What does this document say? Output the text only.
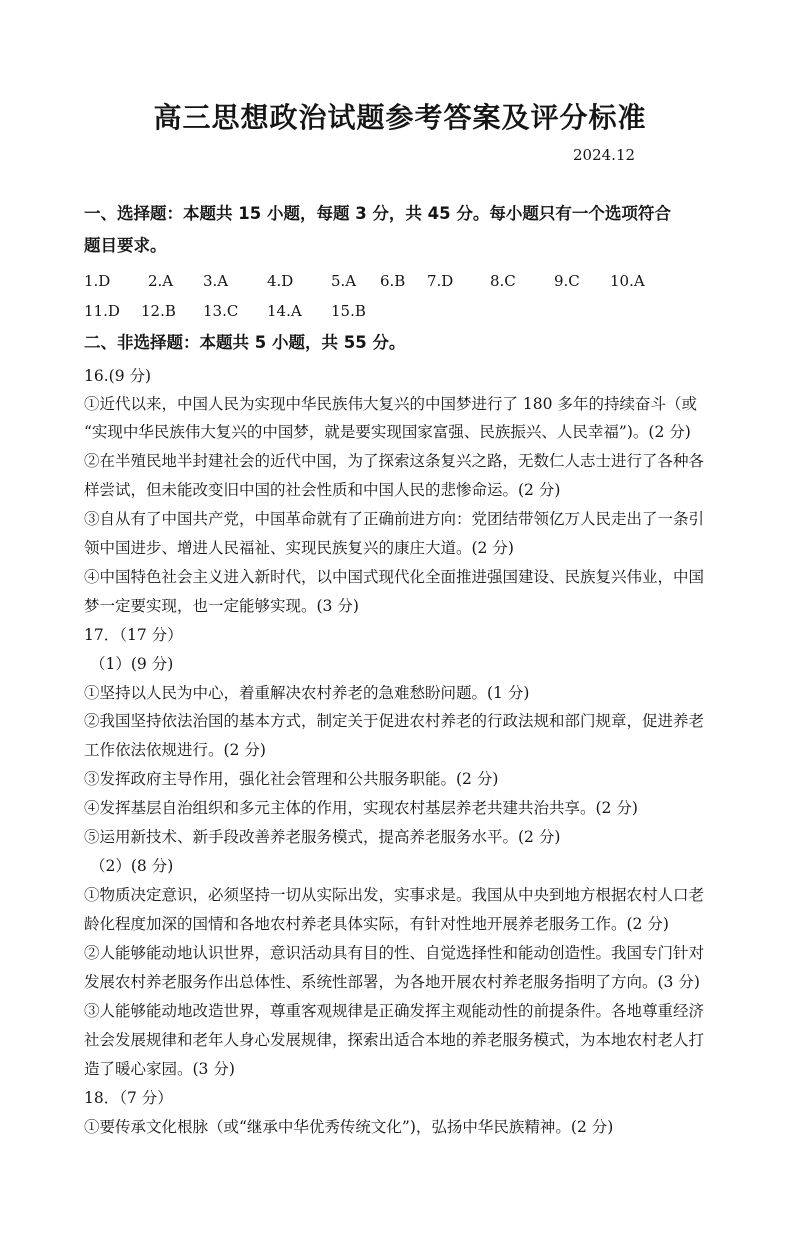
高三思想政治试题参考答案及评分标准
2024.12
一、选择题：本题共 15 小题，每题 3 分，共 45 分。每小题只有一个选项符合
题目要求。
1.D	2.A 3.A	4.D	5.A 6.B 7.D 8.C	9.C 10.A
11.D 12.B 13.C 14.A 15.B
二、非选择题：本题共 5 小题，共 55 分。
16.(9 分)
①近代以来，中国人民为实现中华民族伟大复兴的中国梦进行了 180 多年的持续奋斗（或
“实现中华民族伟大复兴的中国梦，就是要实现国家富强、民族振兴、人民幸福”)。(2 分)
②在半殖民地半封建社会的近代中国，为了探索这条复兴之路，无数仁人志士进行了各种各
样尝试，但未能改变旧中国的社会性质和中国人民的悲惨命运。(2 分)
③自从有了中国共产党，中国革命就有了正确前进方向：党团结带领亿万人民走出了一条引
领中国进步、增进人民福祉、实现民族复兴的康庄大道。(2 分)
④中国特色社会主义进入新时代，以中国式现代化全面推进强国建设、民族复兴伟业，中国
梦一定要实现，也一定能够实现。(3 分)
17．（17 分）
（1）(9 分)
①坚持以人民为中心，着重解决农村养老的急难愁盼问题。(1 分)
②我国坚持依法治国的基本方式，制定关于促进农村养老的行政法规和部门规章，促进养老
工作依法依规进行。(2 分)
③发挥政府主导作用，强化社会管理和公共服务职能。(2 分)
④发挥基层自治组织和多元主体的作用，实现农村基层养老共建共治共享。(2 分)
⑤运用新技术、新手段改善养老服务模式，提高养老服务水平。(2 分)
（2）(8 分)
①物质决定意识，必须坚持一切从实际出发，实事求是。我国从中央到地方根据农村人口老
龄化程度加深的国情和各地农村养老具体实际，有针对性地开展养老服务工作。(2 分)
②人能够能动地认识世界，意识活动具有目的性、自觉选择性和能动创造性。我国专门针对
发展农村养老服务作出总体性、系统性部署，为各地开展农村养老服务指明了方向。(3 分)
③人能够能动地改造世界，尊重客观规律是正确发挥主观能动性的前提条件。各地尊重经济
社会发展规律和老年人身心发展规律，探索出适合本地的养老服务模式，为本地农村老人打
造了暖心家园。(3 分)
18．（7 分）
①要传承文化根脉（或“继承中华优秀传统文化”)，弘扬中华民族精神。(2 分)
